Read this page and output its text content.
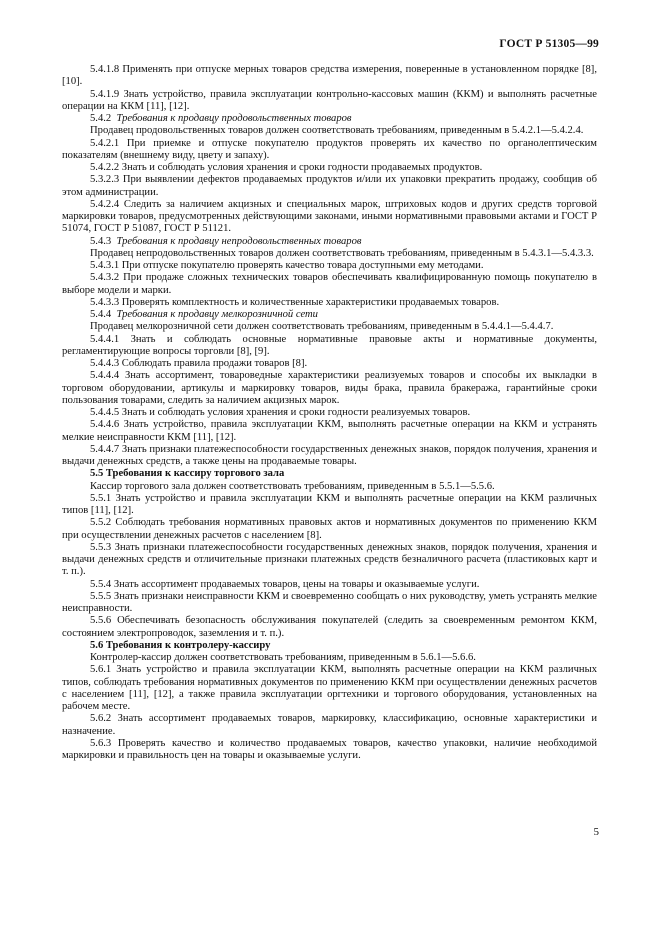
ГОСТ Р 51305—99

5.4.1.8 Применять при отпуске мерных товаров средства измерения, поверенные в установленном порядке [8], [10].

5.4.1.9 Знать устройство, правила эксплуатации контрольно-кассовых машин (ККМ) и выполнять расчетные операции на ККМ [11], [12].

5.4.2  Требования к продавцу продовольственных товаров

Продавец продовольственных товаров должен соответствовать требованиям, приведенным в 5.4.2.1—5.4.2.4.

5.4.2.1 При приемке и отпуске покупателю продуктов проверять их качество по органолептическим показателям (внешнему виду, цвету и запаху).

5.4.2.2 Знать и соблюдать условия хранения и сроки годности продаваемых продуктов.

5.3.2.3 При выявлении дефектов продаваемых продуктов и/или их упаковки прекратить продажу, сообщив об этом администрации.

5.4.2.4 Следить за наличием акцизных и специальных марок, штриховых кодов и других средств торговой маркировки товаров, предусмотренных действующими законами, иными нормативными правовыми актами и ГОСТ Р 51074, ГОСТ Р 51087, ГОСТ Р 51121.

5.4.3  Требования к продавцу непродовольственных товаров

Продавец непродовольственных товаров должен соответствовать требованиям, приведенным в 5.4.3.1—5.4.3.3.

5.4.3.1 При отпуске покупателю проверять качество товара доступными ему методами.

5.4.3.2 При продаже сложных технических товаров обеспечивать квалифицированную помощь покупателю в выборе модели и марки.

5.4.3.3 Проверять комплектность и количественные характеристики продаваемых товаров.

5.4.4  Требования к продавцу мелкорозничной сети

Продавец мелкорозничной сети должен соответствовать требованиям, приведенным в 5.4.4.1—5.4.4.7.

5.4.4.1 Знать и соблюдать основные нормативные правовые акты и нормативные документы, регламентирующие вопросы торговли [8], [9].

5.4.4.3 Соблюдать правила продажи товаров [8].

5.4.4.4 Знать ассортимент, товароведные характеристики реализуемых товаров и способы их выкладки в торговом оборудовании, артикулы и маркировку товаров, виды брака, правила бракеража, гарантийные сроки пользования товарами, следить за наличием акцизных марок.

5.4.4.5 Знать и соблюдать условия хранения и сроки годности реализуемых товаров.

5.4.4.6 Знать устройство, правила эксплуатации ККМ, выполнять расчетные операции на ККМ и устранять мелкие неисправности ККМ [11], [12].

5.4.4.7 Знать признаки платежеспособности государственных денежных знаков, порядок получения, хранения и выдачи денежных средств, а также цены на продаваемые товары.

5.5 Требования к кассиру торгового зала

Кассир торгового зала должен соответствовать требованиям, приведенным в 5.5.1—5.5.6.

5.5.1 Знать устройство и правила эксплуатации ККМ и выполнять расчетные операции на ККМ различных типов [11], [12].

5.5.2 Соблюдать требования нормативных правовых актов и нормативных документов по применению ККМ при осуществлении денежных расчетов с населением [8].

5.5.3 Знать признаки платежеспособности государственных денежных знаков, порядок получения, хранения и выдачи денежных средств и отличительные признаки платежных средств безналичного расчета (пластиковых карт и т. п.).

5.5.4 Знать ассортимент продаваемых товаров, цены на товары и оказываемые услуги.

5.5.5 Знать признаки неисправности ККМ и своевременно сообщать о них руководству, уметь устранять мелкие неисправности.

5.5.6 Обеспечивать безопасность обслуживания покупателей (следить за своевременным ремонтом ККМ, состоянием электропроводок, заземления и т. п.).

5.6 Требования к контролеру-кассиру

Контролер-кассир должен соответствовать требованиям, приведенным в 5.6.1—5.6.6.

5.6.1 Знать устройство и правила эксплуатации ККМ, выполнять расчетные операции на ККМ различных типов, соблюдать требования нормативных документов по применению ККМ при осуществлении денежных расчетов с населением [11], [12], а также правила эксплуатации оргтехники и торгового оборудования, установленных на рабочем месте.

5.6.2 Знать ассортимент продаваемых товаров, маркировку, классификацию, основные характеристики и назначение.

5.6.3 Проверять качество и количество продаваемых товаров, качество упаковки, наличие необходимой маркировки и правильность цен на товары и оказываемые услуги.

5
